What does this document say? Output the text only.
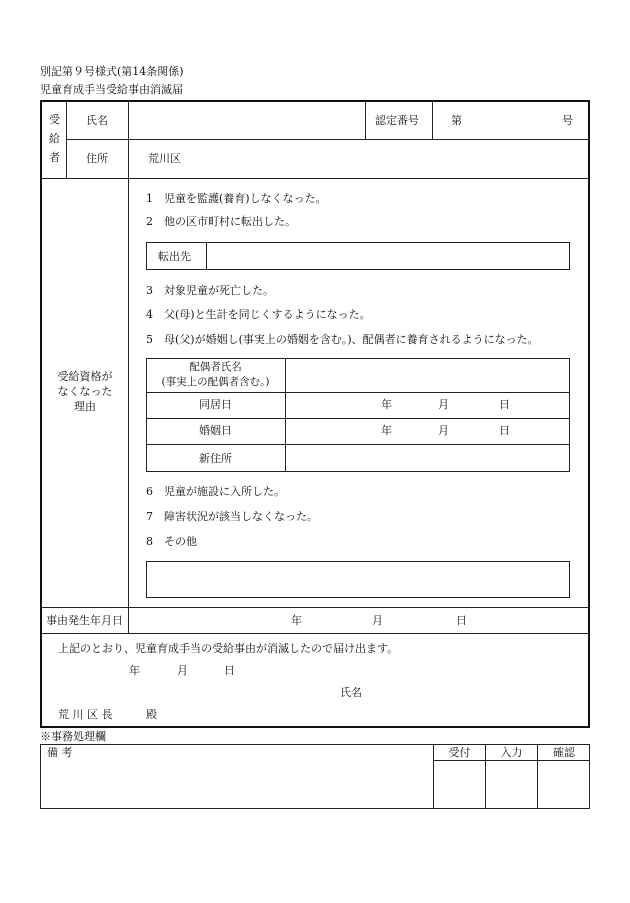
別記第９号様式(第14条関係)
児童育成手当受給事由消滅届
受
給
者
氏名	認定番号	第	号
住所	荒川区
受給資格が
なくなった
理由
1　児童を監護(養育)しなくなった。
2　他の区市町村に転出した。
転出先
3　対象児童が死亡した。
4　父(母)と生計を同じくするようになった。
5　母(父)が婚姻し(事実上の婚姻を含む。)、配偶者に養育されるようになった。
配偶者氏名
(事実上の配偶者含む。)
同居日	年	月	日
婚姻日	年	月	日
新住所
6　児童が施設に入所した。
7　障害状況が該当しなくなった。
8　その他
事由発生年月日	年	月	日
上記のとおり、児童育成手当の受給事由が消滅したので届け出ます。
年	月	日
氏名
荒 川 区 長	殿
※事務処理欄
備 考	受付	入力	確認
